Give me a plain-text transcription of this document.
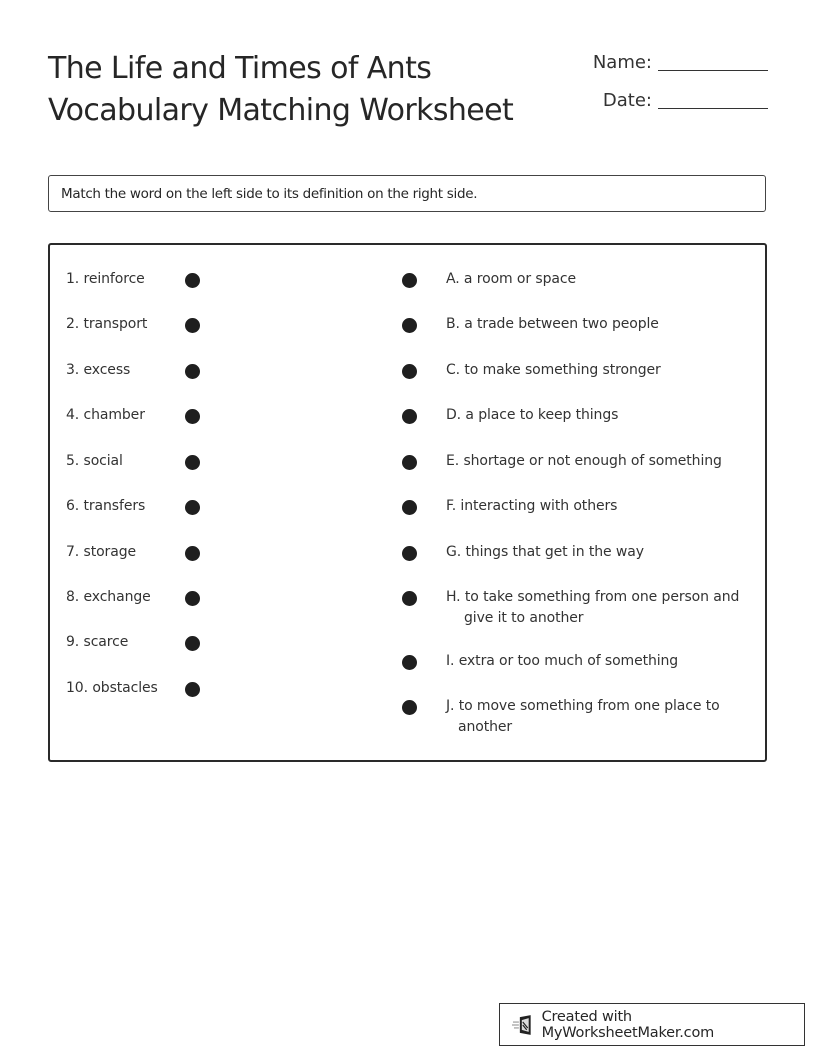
The Life and Times of Ants
Vocabulary Matching Worksheet
Name:
Date:
Match the word on the left side to its definition on the right side.
1. reinforce
2. transport
3. excess
4. chamber
5. social
6. transfers
7. storage
8. exchange
9. scarce
10. obstacles
A. a room or space
B. a trade between two people
C. to make something stronger
D. a place to keep things
E. shortage or not enough of something
F. interacting with others
G. things that get in the way
H. to take something from one person and
give it to another
I. extra or too much of something
J. to move something from one place to
another
Created with MyWorksheetMaker.com
